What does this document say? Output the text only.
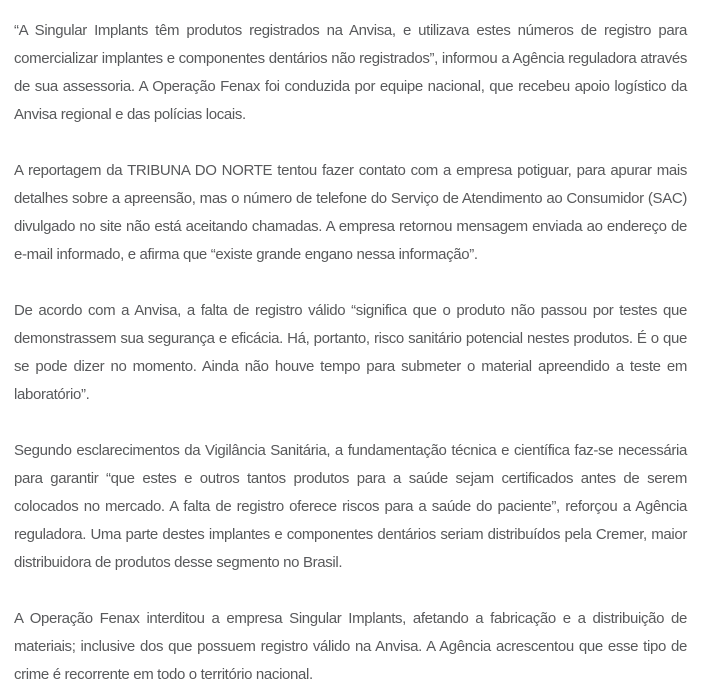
“A Singular Implants têm produtos registrados na Anvisa, e utilizava estes números de registro para comercializar implantes e componentes dentários não registrados”, informou a Agência reguladora através de sua assessoria. A Operação Fenax foi conduzida por equipe nacional, que recebeu apoio logístico da Anvisa regional e das polícias locais.

A reportagem da TRIBUNA DO NORTE tentou fazer contato com a empresa potiguar, para apurar mais detalhes sobre a apreensão, mas o número de telefone do Serviço de Atendimento ao Consumidor (SAC) divulgado no site não está aceitando chamadas. A empresa retornou mensagem enviada ao endereço de e-mail informado, e afirma que “existe grande engano nessa informação”.

De acordo com a Anvisa, a falta de registro válido “significa que o produto não passou por testes que demonstrassem sua segurança e eficácia. Há, portanto, risco sanitário potencial nestes produtos. É o que se pode dizer no momento. Ainda não houve tempo para submeter o material apreendido a teste em laboratório”.

Segundo esclarecimentos da Vigilância Sanitária, a fundamentação técnica e científica faz-se necessária para garantir “que estes e outros tantos produtos para a saúde sejam certificados antes de serem colocados no mercado. A falta de registro oferece riscos para a saúde do paciente”, reforçou a Agência reguladora. Uma parte destes implantes e componentes dentários seriam distribuídos pela Cremer, maior distribuidora de produtos desse segmento no Brasil.

A Operação Fenax interditou a empresa Singular Implants, afetando a fabricação e a distribuição de materiais; inclusive dos que possuem registro válido na Anvisa. A Agência acrescentou que esse tipo de crime é recorrente em todo o território nacional.
